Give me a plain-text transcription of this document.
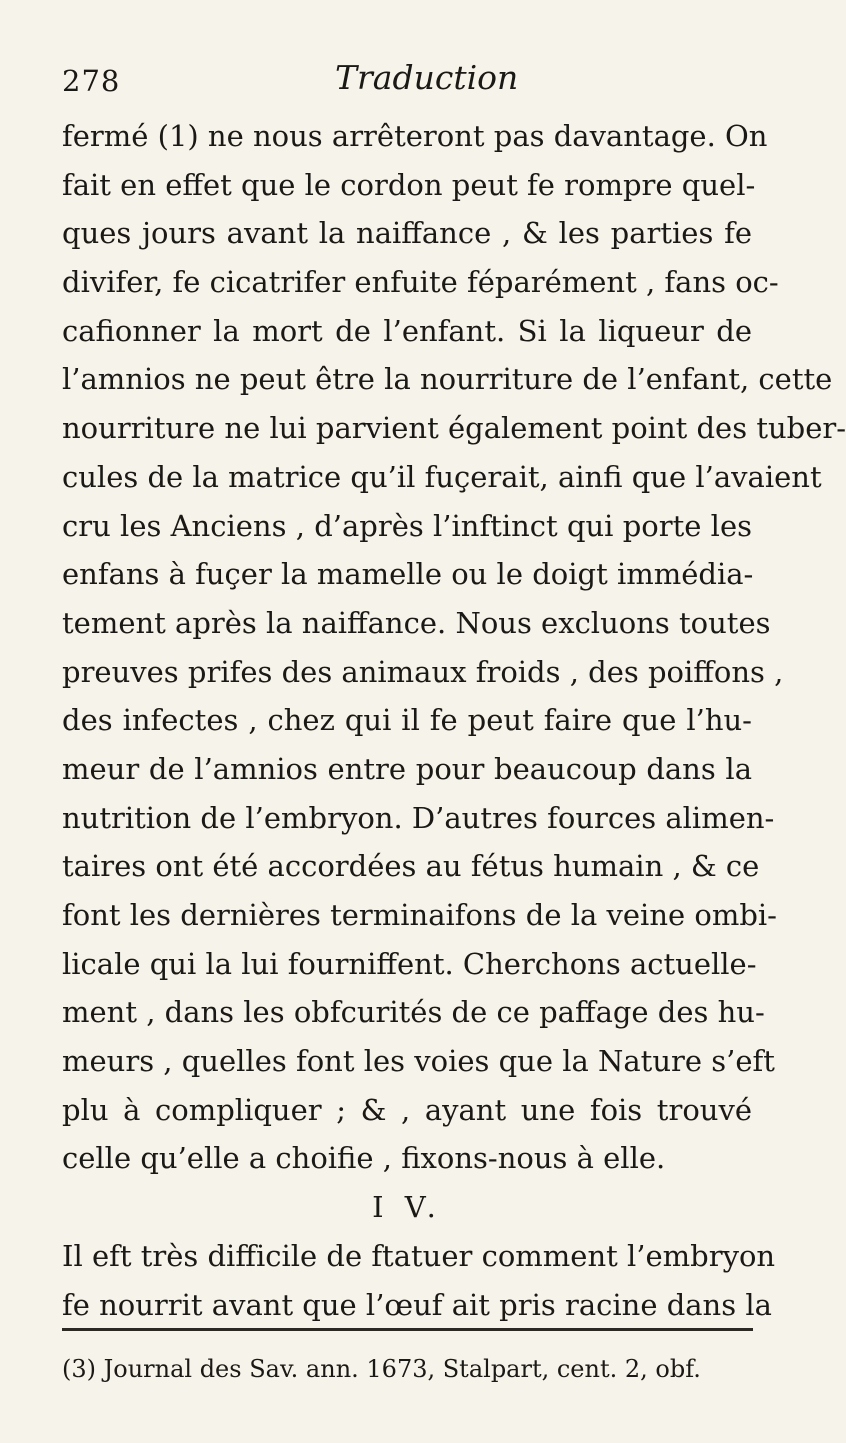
278	Traduction
fermé (1) ne nous arrêteront pas davantage. On
fait en effet que le cordon peut fe rompre quel-
ques jours avant la naiffance , & les parties fe
divifer, fe cicatrifer enfuite féparément , fans oc-
cafionner la mort de l’enfant. Si la liqueur de
l’amnios ne peut être la nourriture de l’enfant, cette
nourriture ne lui parvient également point des tuber-
cules de la matrice qu’il fuçerait, ainfi que l’avaient
cru les Anciens , d’après l’inftinct qui porte les
enfans à fuçer la mamelle ou le doigt immédia-
tement après la naiffance. Nous excluons toutes
preuves prifes des animaux froids , des poiffons ,
des infectes , chez qui il fe peut faire que l’hu-
meur de l’amnios entre pour beaucoup dans la
nutrition de l’embryon. D’autres fources alimen-
taires ont été accordées au fétus humain , & ce
font les dernières terminaifons de la veine ombi-
licale qui la lui fourniffent. Cherchons actuelle-
ment , dans les obfcurités de ce paffage des hu-
meurs , quelles font les voies que la Nature s’eft
plu à compliquer ; & , ayant une fois trouvé
celle qu’elle a choifie , fixons-nous à elle.
I V.
Il eft très difficile de ftatuer comment l’embryon
fe nourrit avant que l’œuf ait pris racine dans la
(3) Journal des Sav. ann. 1673, Stalpart, cent. 2, obf.
